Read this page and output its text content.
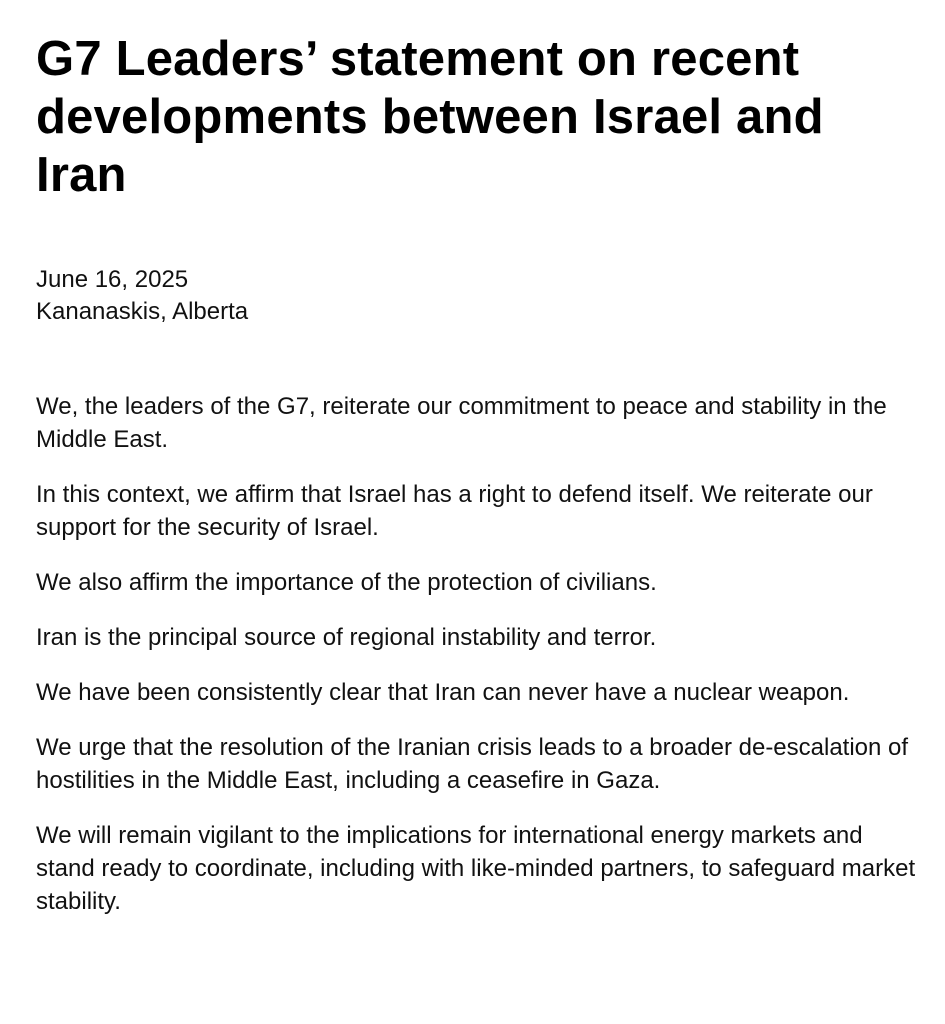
G7 Leaders’ statement on recent developments between Israel and Iran
June 16, 2025
Kananaskis, Alberta

We, the leaders of the G7, reiterate our commitment to peace and stability in the Middle East.

In this context, we affirm that Israel has a right to defend itself. We reiterate our support for the security of Israel.

We also affirm the importance of the protection of civilians.

Iran is the principal source of regional instability and terror.

We have been consistently clear that Iran can never have a nuclear weapon.

We urge that the resolution of the Iranian crisis leads to a broader de-escalation of hostilities in the Middle East, including a ceasefire in Gaza.

We will remain vigilant to the implications for international energy markets and stand ready to coordinate, including with like-minded partners, to safeguard market stability.
